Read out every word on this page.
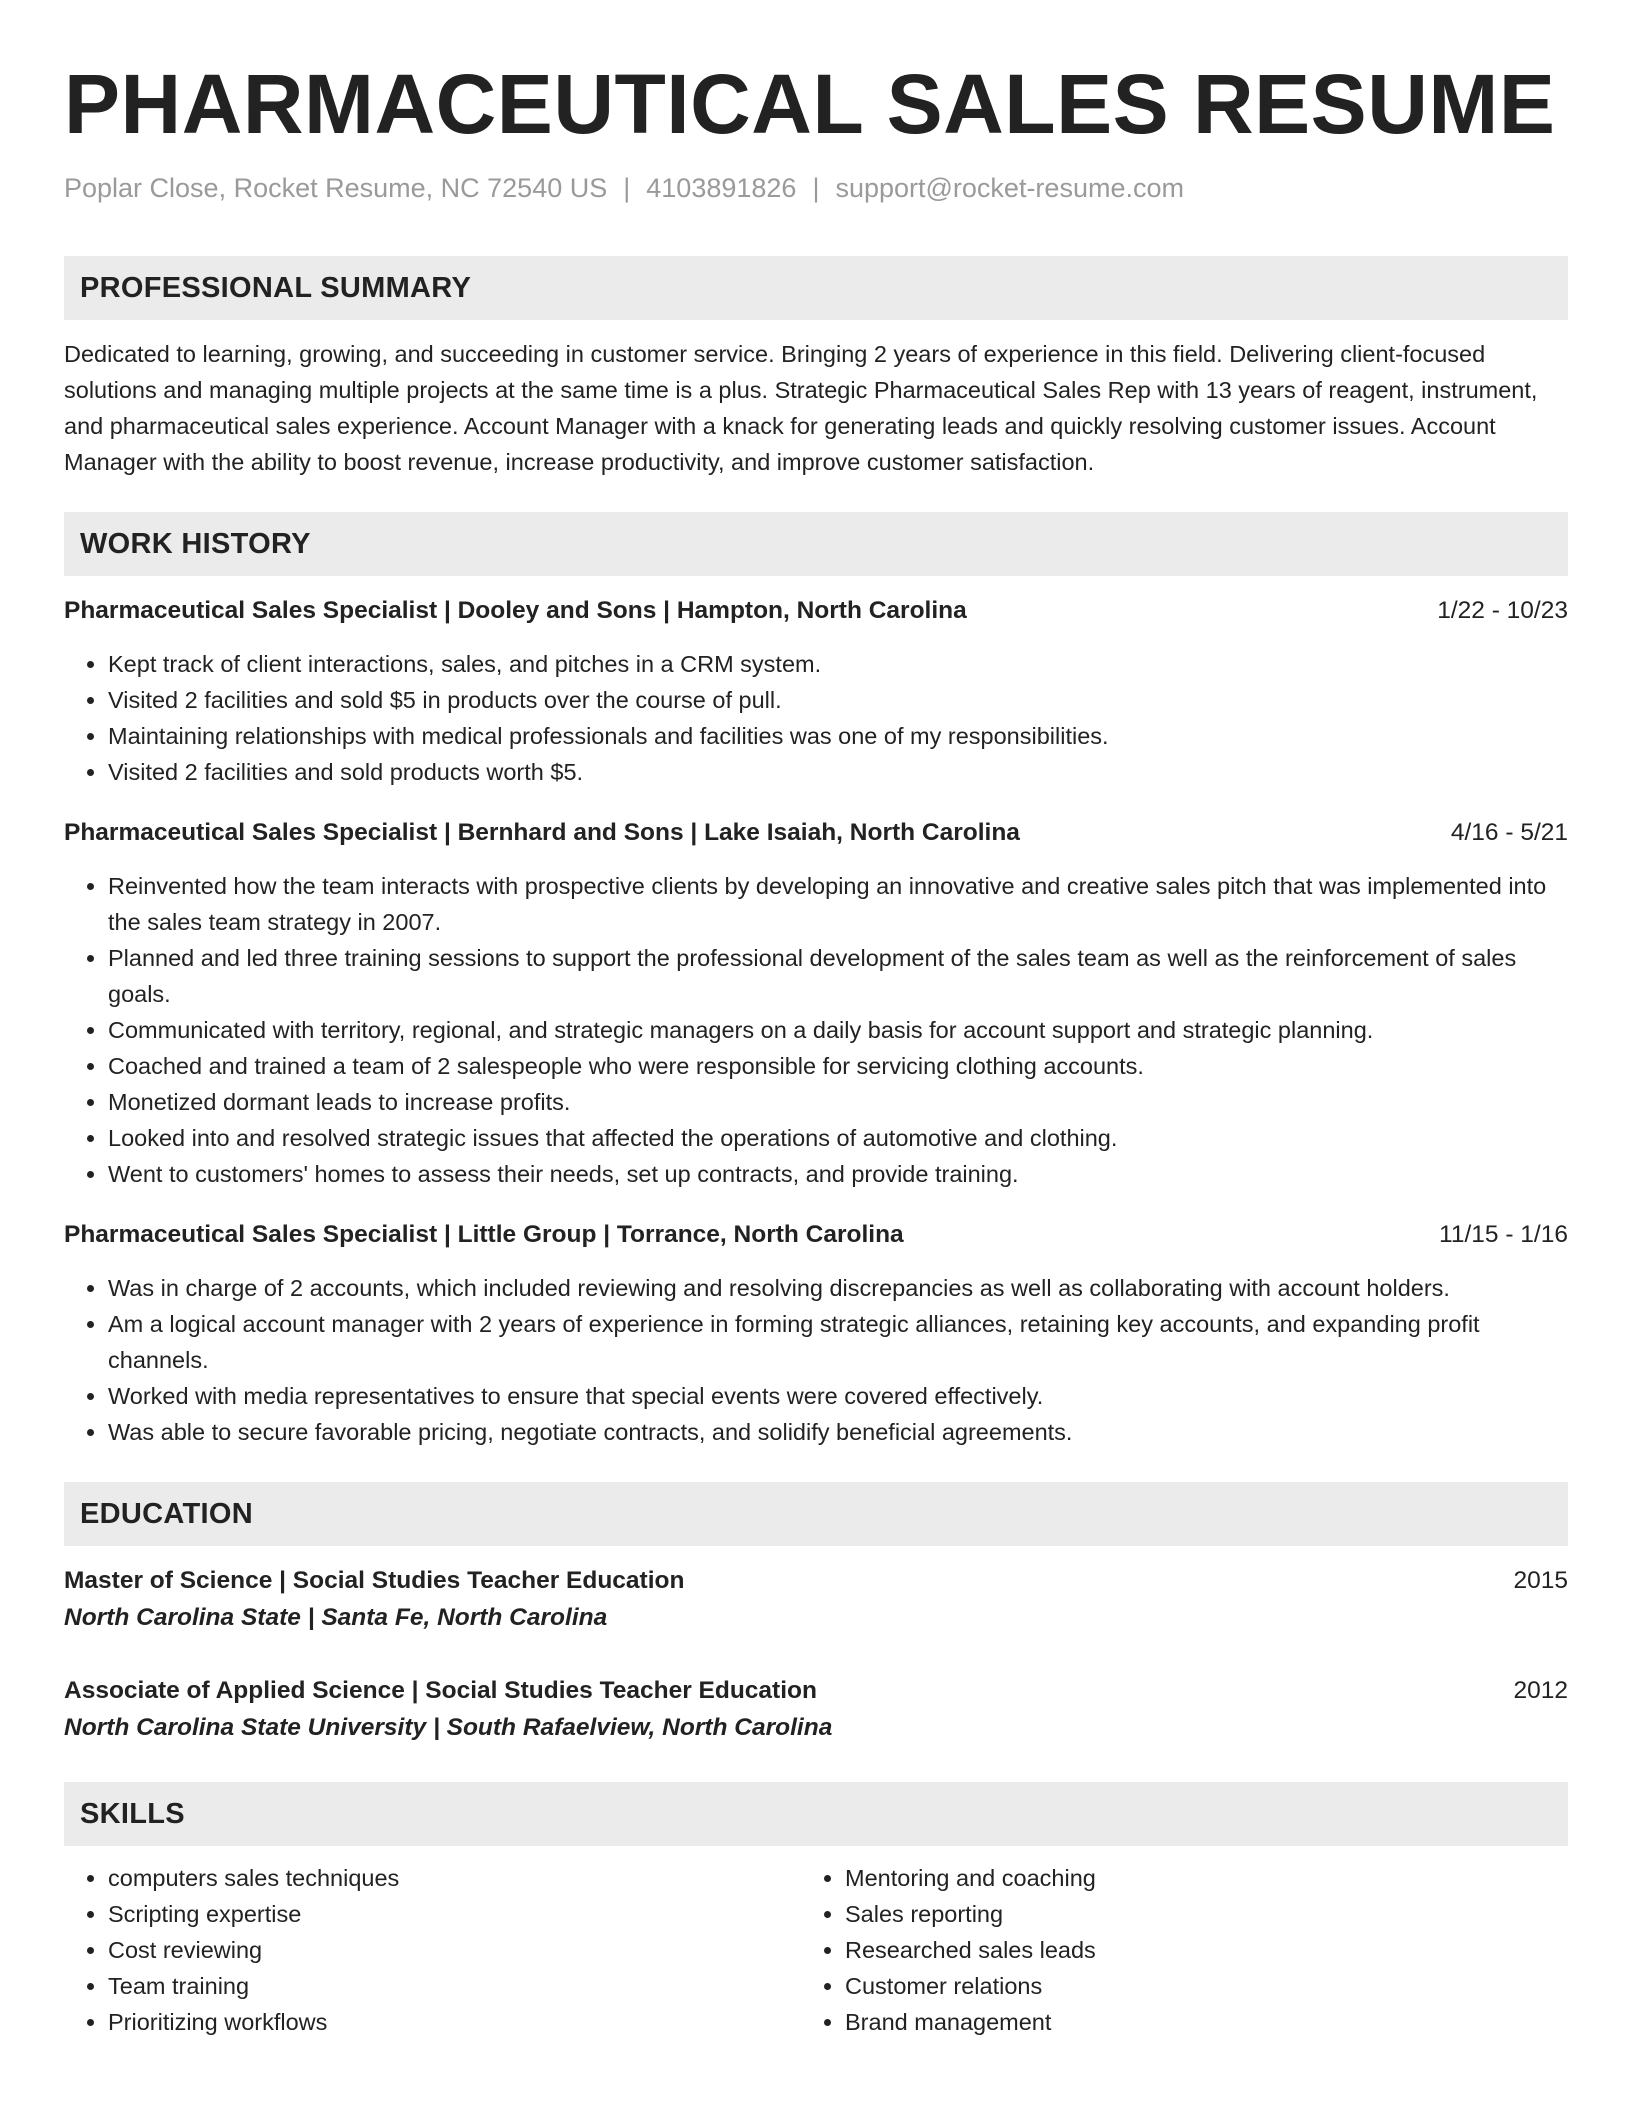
PHARMACEUTICAL SALES RESUME
Poplar Close, Rocket Resume, NC 72540 US | 4103891826 | support@rocket-resume.com
PROFESSIONAL SUMMARY
Dedicated to learning, growing, and succeeding in customer service. Bringing 2 years of experience in this field. Delivering client-focused solutions and managing multiple projects at the same time is a plus. Strategic Pharmaceutical Sales Rep with 13 years of reagent, instrument, and pharmaceutical sales experience. Account Manager with a knack for generating leads and quickly resolving customer issues. Account Manager with the ability to boost revenue, increase productivity, and improve customer satisfaction.
WORK HISTORY
Pharmaceutical Sales Specialist | Dooley and Sons | Hampton, North Carolina	1/22 - 10/23
• Kept track of client interactions, sales, and pitches in a CRM system.
• Visited 2 facilities and sold $5 in products over the course of pull.
• Maintaining relationships with medical professionals and facilities was one of my responsibilities.
• Visited 2 facilities and sold products worth $5.
Pharmaceutical Sales Specialist | Bernhard and Sons | Lake Isaiah, North Carolina	4/16 - 5/21
• Reinvented how the team interacts with prospective clients by developing an innovative and creative sales pitch that was implemented into the sales team strategy in 2007.
• Planned and led three training sessions to support the professional development of the sales team as well as the reinforcement of sales goals.
• Communicated with territory, regional, and strategic managers on a daily basis for account support and strategic planning.
• Coached and trained a team of 2 salespeople who were responsible for servicing clothing accounts.
• Monetized dormant leads to increase profits.
• Looked into and resolved strategic issues that affected the operations of automotive and clothing.
• Went to customers' homes to assess their needs, set up contracts, and provide training.
Pharmaceutical Sales Specialist | Little Group | Torrance, North Carolina	11/15 - 1/16
• Was in charge of 2 accounts, which included reviewing and resolving discrepancies as well as collaborating with account holders.
• Am a logical account manager with 2 years of experience in forming strategic alliances, retaining key accounts, and expanding profit channels.
• Worked with media representatives to ensure that special events were covered effectively.
• Was able to secure favorable pricing, negotiate contracts, and solidify beneficial agreements.
EDUCATION
Master of Science | Social Studies Teacher Education	2015
North Carolina State | Santa Fe, North Carolina
Associate of Applied Science | Social Studies Teacher Education	2012
North Carolina State University | South Rafaelview, North Carolina
SKILLS
• computers sales techniques
• Scripting expertise
• Cost reviewing
• Team training
• Prioritizing workflows
• Mentoring and coaching
• Sales reporting
• Researched sales leads
• Customer relations
• Brand management
